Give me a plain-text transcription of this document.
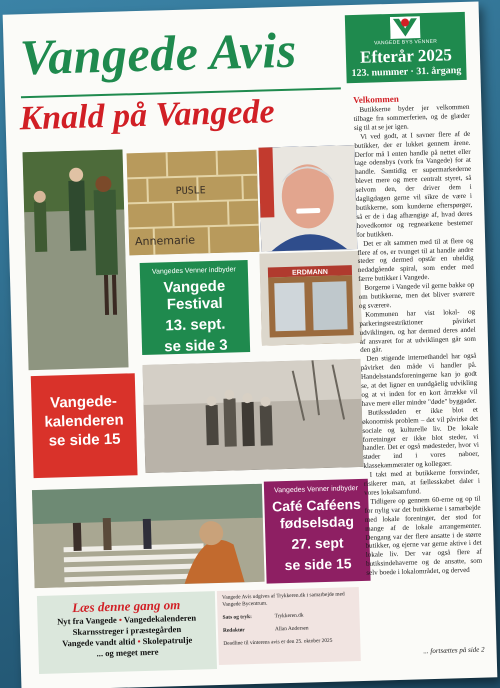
Vangede Avis
Knald på Vangede
VANGEDE BYS VENNER
Efterår 2025
123. nummer · 31. årgang
PUSLE
Annemarie
ERDMANN
Vangedes Venner indbyder
Vangede Festival
13. sept.
se side 3
Vangede-kalenderen
se side 15
Vangedes Venner indbyder
Café Caféens fødselsdag
27. sept
se side 15
Læs denne gang om
Nyt fra Vangede • Vangedekalenderen
Skarnsstreger i præstegården
Vangede vandt altid • Skolepatrulje
... og meget mere
Vangede Avis udgives af Trykkeren.dk i samarbejde med Vangede Bycentrum.
Sats og tryk:	Trykkeren.dk
Redaktør	Allan Andersen
Deadline til vinterens avis er den 25. oktober 2025
Velkommen

Butikkerne byder jer velkommen tilbage fra sommerferien, og de glæder sig til at se jer igen.

Vi ved godt, at I savner flere af de butikker, der er lukket gennem årene. Derfor må I enten handle på nettet eller tage odensbys (vork fra Vangede) for at handle. Samtidig er supermarkederne blevet mere og mere centralt styret, så selvom den, der driver dem i dagligdagen gerne vil sikre de være i butikkerne, som kunderne efterspørger, så er de i dag afhængige af, hvad deres hovedkontor og regnearkene bestemer for butikken.

Det er alt sammen med til at flere og flere af os, er tvunget til at handle andre steder og dermed opstår en uheldig nedadgående spiral, som ender med færre butikker i Vangede.

Borgerne i Vangede vil gerne bakke op om butikkerne, men det bliver sværere og sværere.

Kommunen har vist lokal- og parkeringsrestriktioner påvirket udviklingen, og har dermed deres andel af ansvaret for at udviklingen går som den går.

Den stigende internethandel har også påvirket den måde vi handler på. Handelsstandsforeningerne kan jo godt se, at det ligner en uundgåelig udvikling og at vi inden for en kort årrække vil have mere eller mindre "døde" byggader.

Butikssdøden er ikke blot et økonomisk problem – det vil påvirke det sociale og kulturelle liv. De lokale forretninger er ikke blot steder, vi handler. Det er også mødesteder, hvor vi støder ind i vores naboer, klassekammerater og kollegaer.

I takt med at butikkerne forsvinder, risikerer man, at fællesskabet daler i vores lokalsamfund.

Tidligere op gennem 60-erne og op til for nylig var det butikkerne i samarbejde med lokale foreninger, der stod for mange af de lokale arrangementer. Dengang var der flere ansatte i de større butikker, og ejerne var gerne aktive i det lokale liv. Der var også flere af butiksindehaverne og de ansatte, som selv boede i lokalområdet, og derved

... fortsættes på side 2
